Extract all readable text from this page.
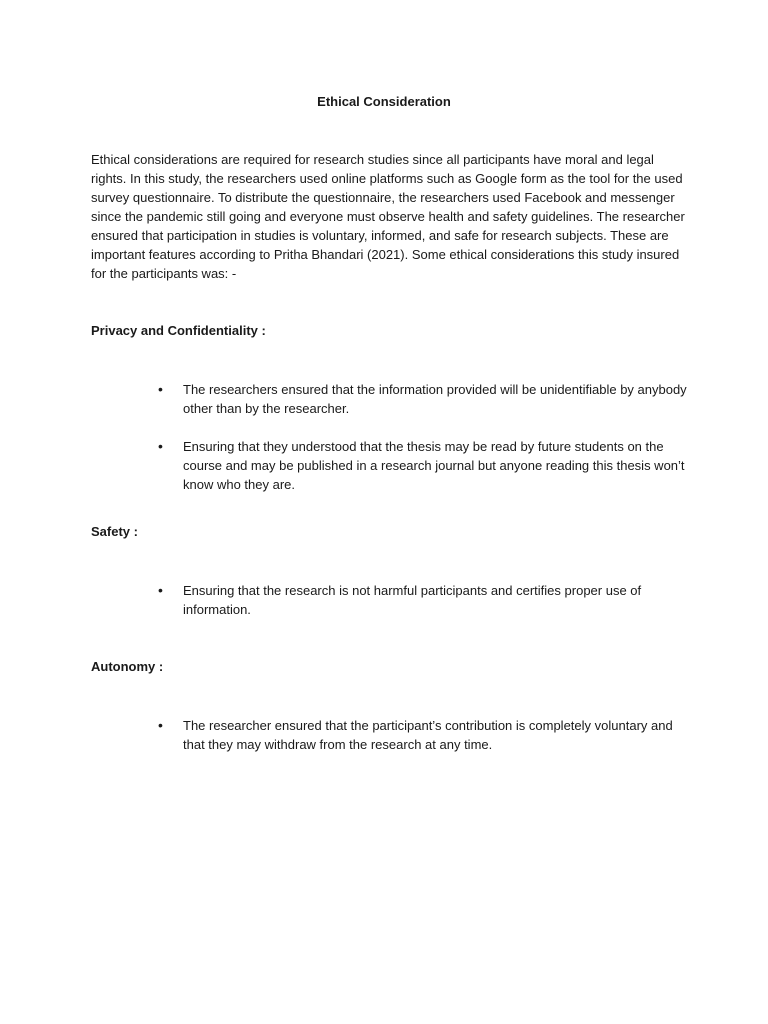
Ethical Consideration
Ethical considerations are required for research studies since all participants have moral and legal rights. In this study, the researchers used online platforms such as Google form as the tool for the used survey questionnaire. To distribute the questionnaire, the researchers used Facebook and messenger since the pandemic still going and everyone must observe health and safety guidelines. The researcher ensured that participation in studies is voluntary, informed, and safe for research subjects. These are important features according to Pritha Bhandari (2021). Some ethical considerations this study insured for the participants was: -
Privacy and Confidentiality :
•	The researchers ensured that the information provided will be unidentifiable by anybody other than by the researcher.
•	Ensuring that they understood that the thesis may be read by future students on the course and may be published in a research journal but anyone reading this thesis won’t know who they are.
Safety :
•	Ensuring that the research is not harmful participants and certifies proper use of information.
Autonomy :
•	The researcher ensured that the participant’s contribution is completely voluntary and that they may withdraw from the research at any time.
